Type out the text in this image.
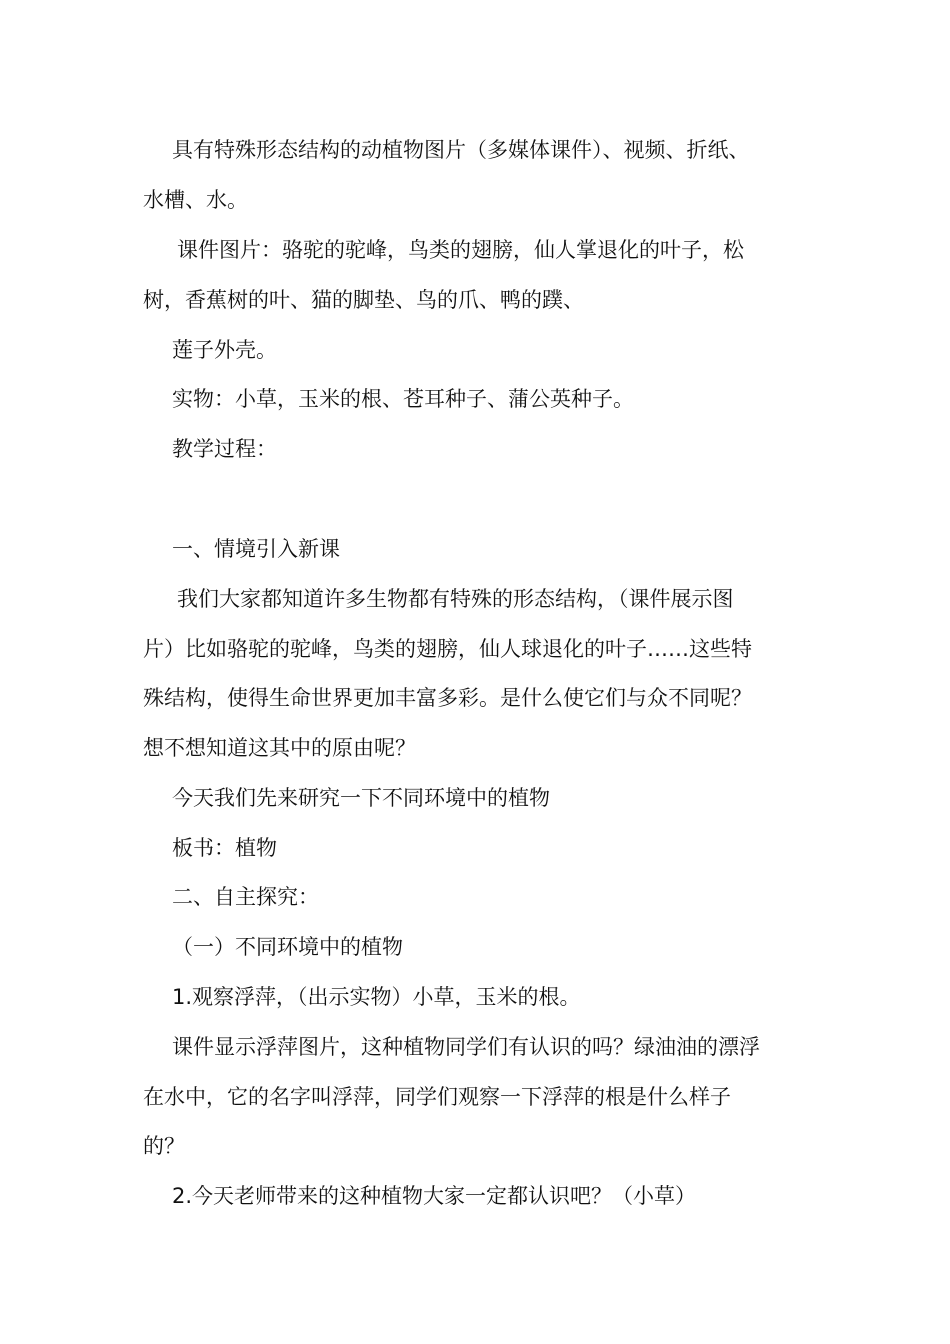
具有特殊形态结构的动植物图片（多媒体课件）、视频、折纸、
水槽、水。
课件图片：骆驼的驼峰，鸟类的翅膀，仙人掌退化的叶子，松
树，香蕉树的叶、猫的脚垫、鸟的爪、鸭的蹼、
莲子外壳。
实物：小草，玉米的根、苍耳种子、蒲公英种子。
教学过程：
一、情境引入新课
我们大家都知道许多生物都有特殊的形态结构，（课件展示图
片）比如骆驼的驼峰，鸟类的翅膀，仙人球退化的叶子……这些特
殊结构，使得生命世界更加丰富多彩。是什么使它们与众不同呢？
想不想知道这其中的原由呢？
今天我们先来研究一下不同环境中的植物
板书：植物
二、自主探究：
（一）不同环境中的植物
1.观察浮萍，（出示实物）小草，玉米的根。
课件显示浮萍图片，这种植物同学们有认识的吗？绿油油的漂浮
在水中，它的名字叫浮萍，同学们观察一下浮萍的根是什么样子
的？
2.今天老师带来的这种植物大家一定都认识吧？（小草）
